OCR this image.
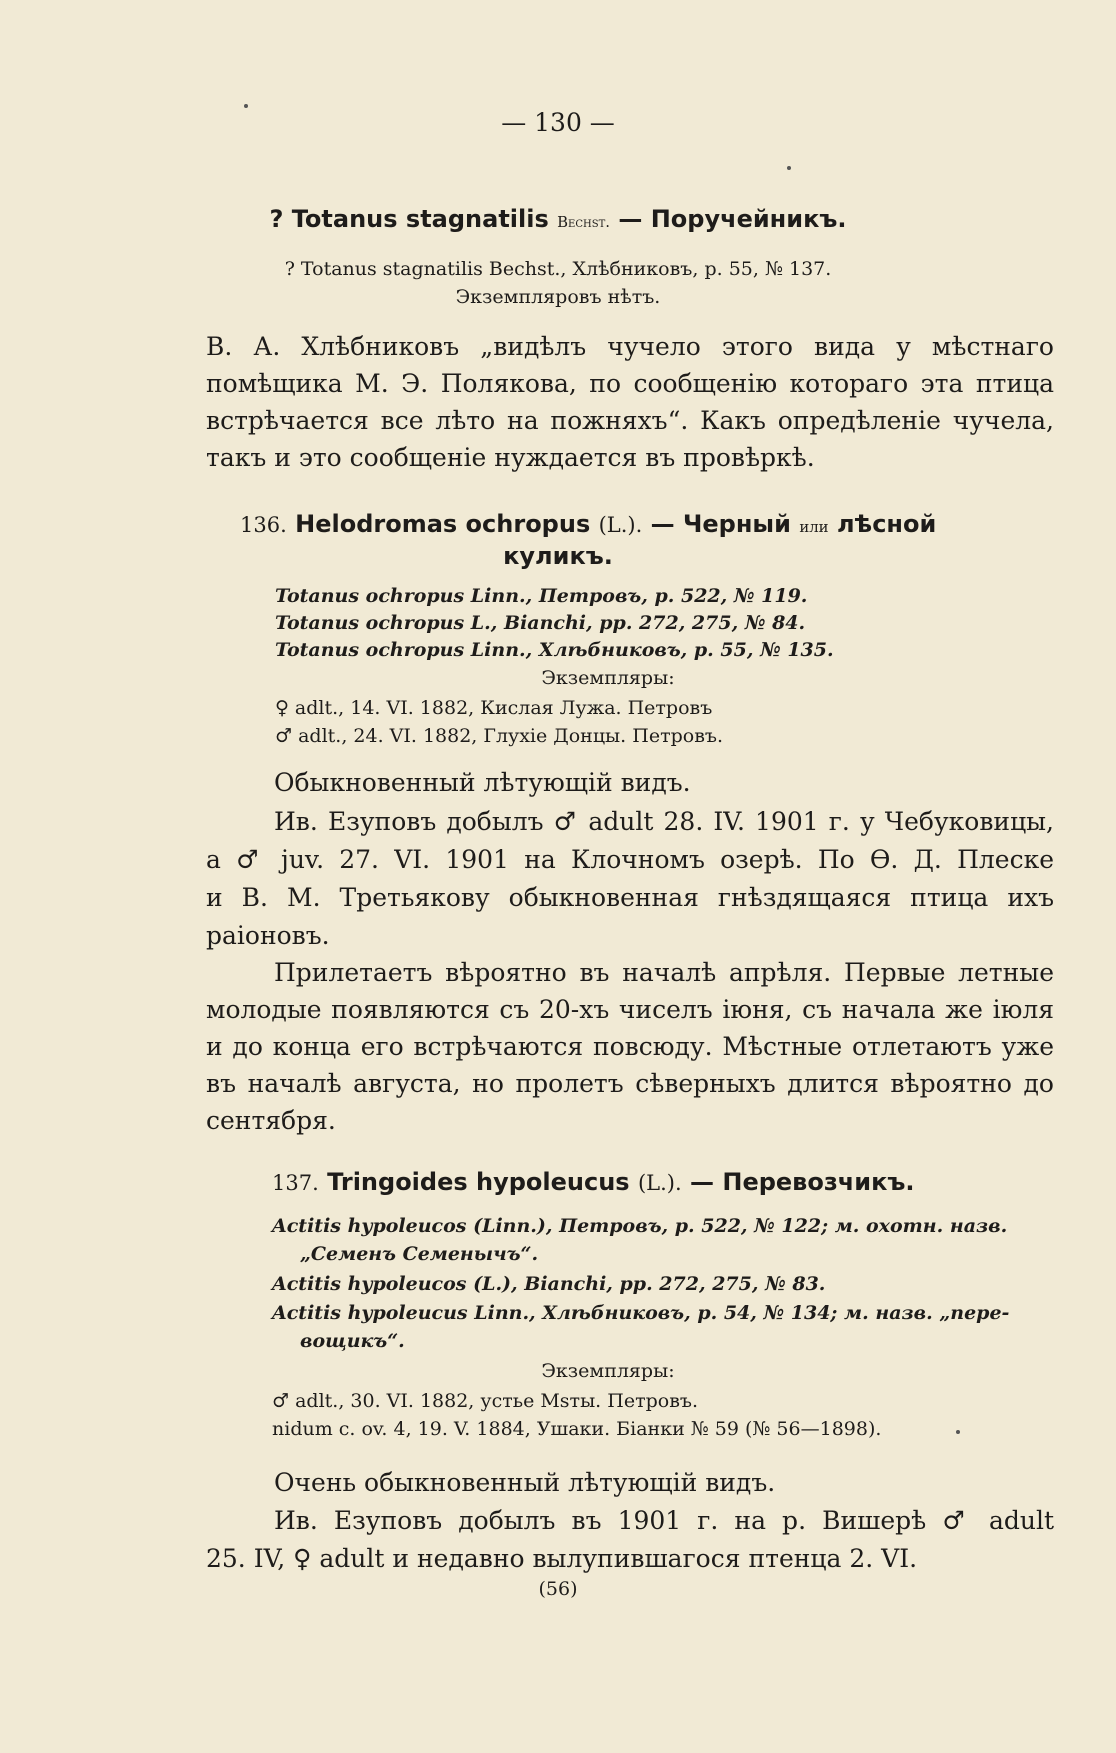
— 130 —
? Totanus stagnatilis Bechst. — Поручейникъ.
? Totanus stagnatilis Bechst., Хлѣбниковъ, p. 55, № 137.
Экземпляровъ нѣтъ.
В. А. Хлѣбниковъ „видѣлъ чучело этого вида у мѣстнаго
помѣщика М. Э. Полякова, по сообщенію котораго эта птица
встрѣчается все лѣто на пожняхъ“. Какъ опредѣленіе чучела,
такъ и это сообщеніе нуждается въ провѣркѣ.
136. Helodromas ochropus (L.). — Черный или лѣсной
куликъ.
Totanus ochropus Linn., Петровъ, p. 522, № 119.
Totanus ochropus L., Bianchi, pp. 272, 275, № 84.
Totanus ochropus Linn., Хлѣбниковъ, p. 55, № 135.
Экземпляры:
♀ adlt., 14. VI. 1882, Кислая Лужа. Петровъ
♂ adlt., 24. VI. 1882, Глухіе Донцы. Петровъ.
Обыкновенный лѣтующій видъ.
Ив. Езуповъ добылъ ♂ adult 28. IV. 1901 г. у Чебуковицы,
а ♂ juv. 27. VI. 1901 на Клочномъ озерѣ. По Ѳ. Д. Плеске
и В. М. Третьякову обыкновенная гнѣздящаяся птица ихъ
раіоновъ.
Прилетаетъ вѣроятно въ началѣ апрѣля. Первые летные
молодые появляются съ 20-хъ чиселъ іюня, съ начала же іюля
и до конца его встрѣчаются повсюду. Мѣстные отлетаютъ уже
въ началѣ августа, но пролетъ сѣверныхъ длится вѣроятно до
сентября.
137. Tringoides hypoleucus (L.). — Перевозчикъ.
Actitis hypoleucos (Linn.), Петровъ, p. 522, № 122; м. охотн. назв.
„Семенъ Семенычъ“.
Actitis hypoleucos (L.), Bianchi, pp. 272, 275, № 83.
Actitis hypoleucus Linn., Хлѣбниковъ, p. 54, № 134; м. назв. „пере-
вощикъ“.
Экземпляры:
♂ adlt., 30. VI. 1882, устье Msты. Петровъ.
nidum c. ov. 4, 19. V. 1884, Ушаки. Бiанки № 59 (№ 56—1898).
Очень обыкновенный лѣтующій видъ.
Ив. Езуповъ добылъ въ 1901 г. на р. Вишерѣ ♂ adult
25. IV, ♀ adult и недавно вылупившагося птенца 2. VI.
(56)
